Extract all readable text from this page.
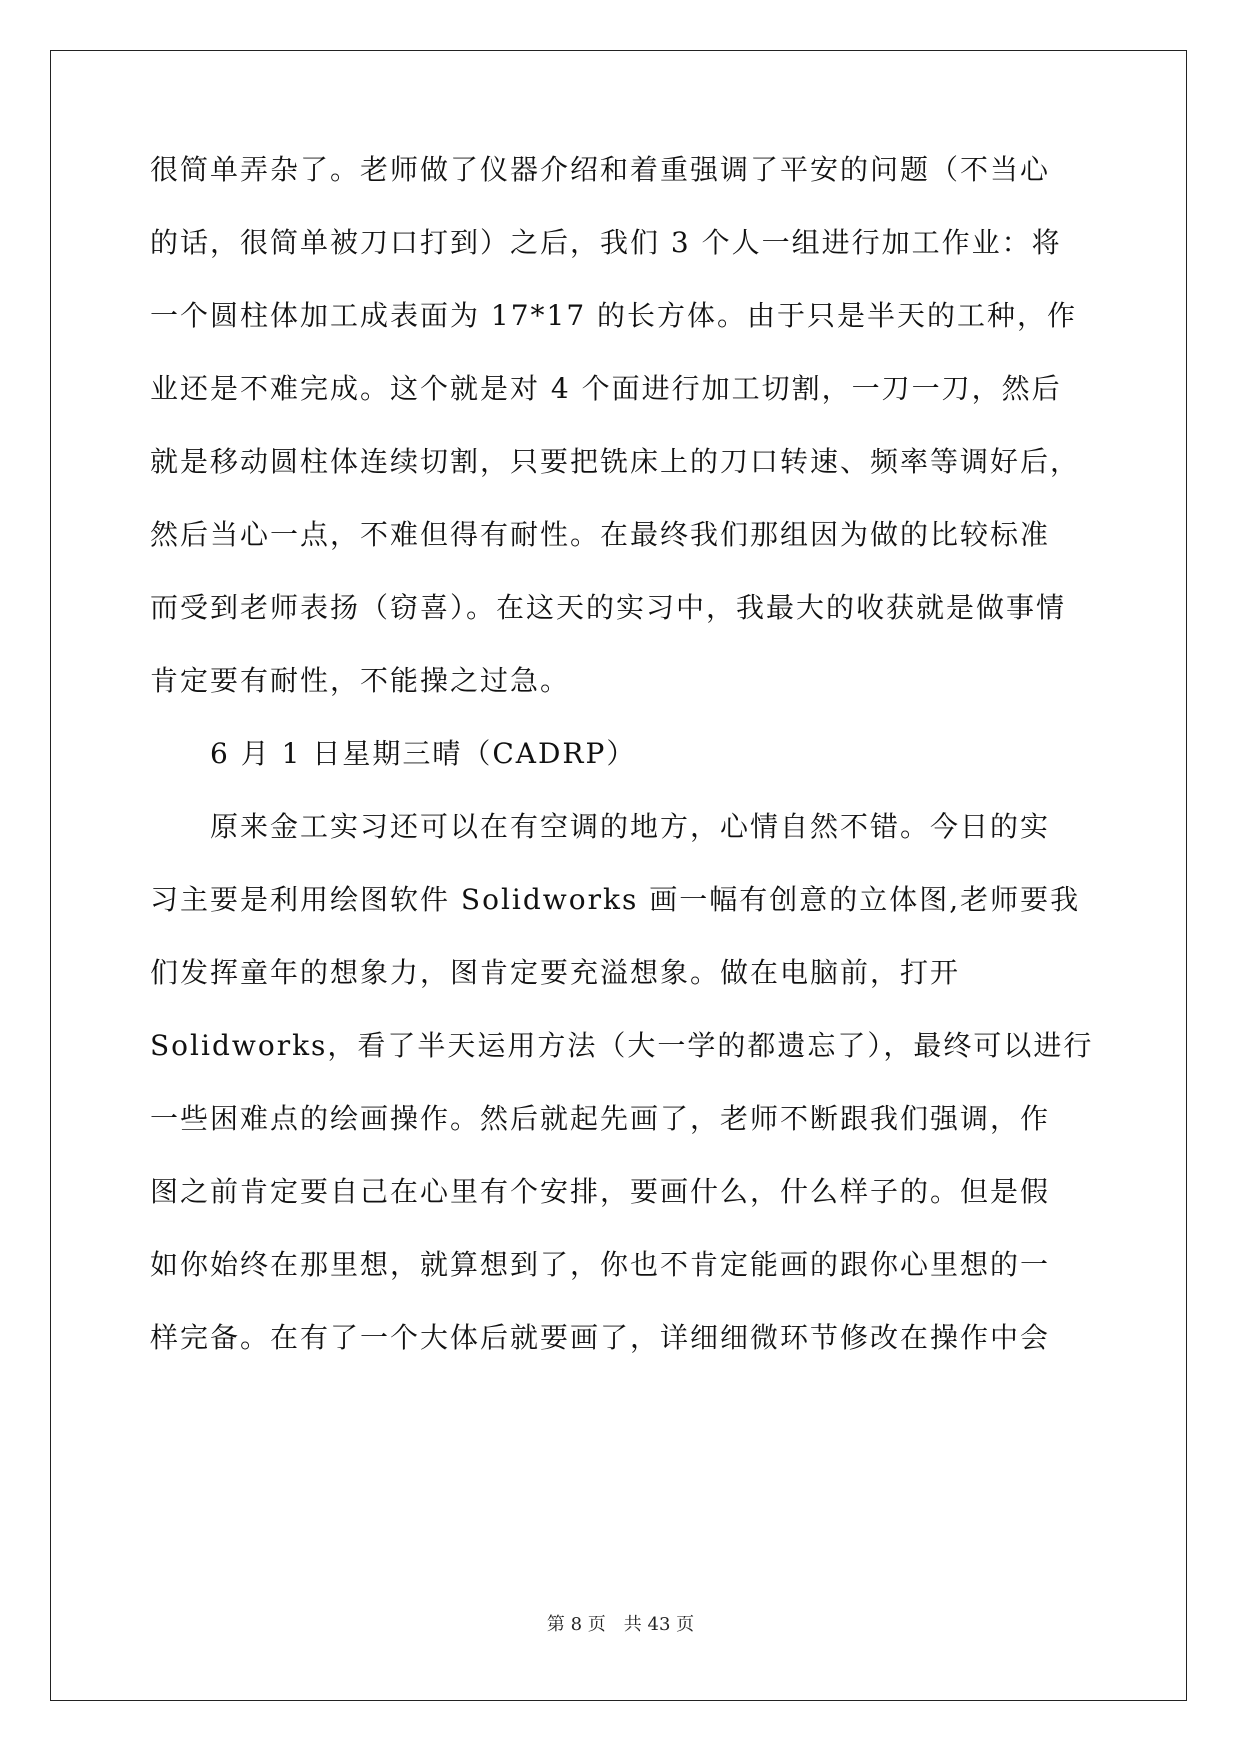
很简单弄杂了。老师做了仪器介绍和着重强调了平安的问题（不当心
的话，很简单被刀口打到）之后，我们 3 个人一组进行加工作业：将
一个圆柱体加工成表面为 17*17 的长方体。由于只是半天的工种，作
业还是不难完成。这个就是对 4 个面进行加工切割，一刀一刀，然后
就是移动圆柱体连续切割，只要把铣床上的刀口转速、频率等调好后，
然后当心一点，不难但得有耐性。在最终我们那组因为做的比较标准
而受到老师表扬（窃喜）。在这天的实习中，我最大的收获就是做事情
肯定要有耐性，不能操之过急。
6 月 1 日星期三晴（CADRP）
原来金工实习还可以在有空调的地方，心情自然不错。今日的实
习主要是利用绘图软件 Solidworks 画一幅有创意的立体图,老师要我
们发挥童年的想象力，图肯定要充溢想象。做在电脑前，打开
Solidworks，看了半天运用方法（大一学的都遗忘了），最终可以进行
一些困难点的绘画操作。然后就起先画了，老师不断跟我们强调，作
图之前肯定要自己在心里有个安排，要画什么，什么样子的。但是假
如你始终在那里想，就算想到了，你也不肯定能画的跟你心里想的一
样完备。在有了一个大体后就要画了，详细细微环节修改在操作中会
第 8 页　共 43 页
